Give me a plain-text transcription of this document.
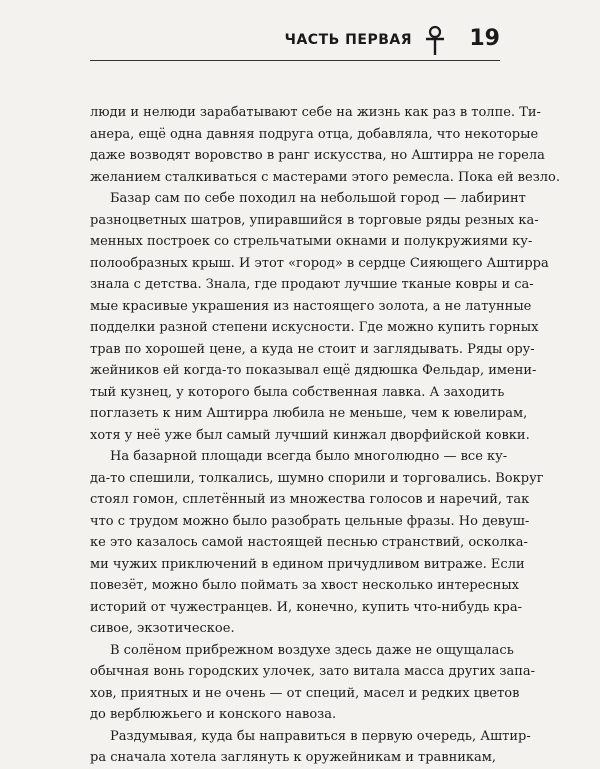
ЧАСТЬ ПЕРВАЯ	19
люди и нелюди зарабатывают себе на жизнь как раз в толпе. Ти-
анера, ещё одна давняя подруга отца, добавляла, что некоторые
даже возводят воровство в ранг искусства, но Аштирра не горела
желанием сталкиваться с мастерами этого ремесла. Пока ей везло.
Базар сам по себе походил на небольшой город — лабиринт
разноцветных шатров, упиравшийся в торговые ряды резных ка-
менных построек со стрельчатыми окнами и полукружиями ку-
полообразных крыш. И этот «город» в сердце Сияющего Аштирра
знала с детства. Знала, где продают лучшие тканые ковры и са-
мые красивые украшения из настоящего золота, а не латунные
подделки разной степени искусности. Где можно купить горных
трав по хорошей цене, а куда не стоит и заглядывать. Ряды ору-
жейников ей когда-то показывал ещё дядюшка Фельдар, имени-
тый кузнец, у которого была собственная лавка. А заходить
поглазеть к ним Аштирра любила не меньше, чем к ювелирам,
хотя у неё уже был самый лучший кинжал дворфийской ковки.
На базарной площади всегда было многолюдно — все ку-
да-то спешили, толкались, шумно спорили и торговались. Вокруг
стоял гомон, сплетённый из множества голосов и наречий, так
что с трудом можно было разобрать цельные фразы. Но девуш-
ке это казалось самой настоящей песнью странствий, осколка-
ми чужих приключений в едином причудливом витраже. Если
повезёт, можно было поймать за хвост несколько интересных
историй от чужестранцев. И, конечно, купить что-нибудь кра-
сивое, экзотическое.
В солёном прибрежном воздухе здесь даже не ощущалась
обычная вонь городских улочек, зато витала масса других запа-
хов, приятных и не очень — от специй, масел и редких цветов
до верблюжьего и конского навоза.
Раздумывая, куда бы направиться в первую очередь, Аштир-
ра сначала хотела заглянуть к оружейникам и травникам,
